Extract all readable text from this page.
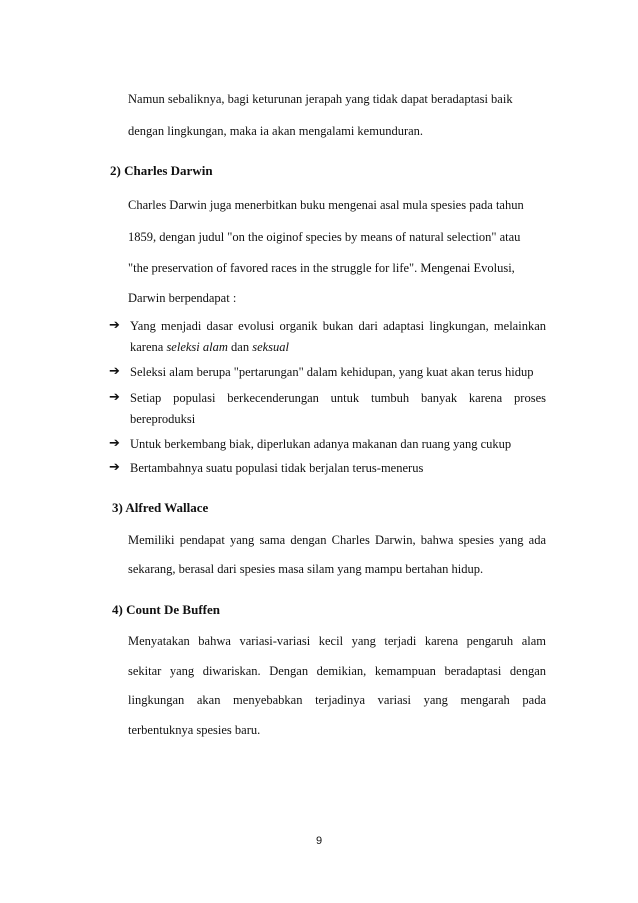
Namun sebaliknya, bagi keturunan jerapah yang tidak dapat beradaptasi baik
dengan lingkungan, maka ia akan mengalami kemunduran.
2) Charles Darwin
Charles Darwin juga menerbitkan buku mengenai asal mula spesies pada tahun
1859, dengan judul "on the oiginof species by means of natural selection" atau
"the preservation of favored races in the struggle for life". Mengenai Evolusi,
Darwin berpendapat :
➔ Yang menjadi dasar evolusi organik bukan dari adaptasi lingkungan, melainkan
karena seleksi alam dan seksual
➔ Seleksi alam berupa "pertarungan" dalam kehidupan, yang kuat akan terus hidup
➔ Setiap populasi berkecenderungan untuk tumbuh banyak karena proses
bereproduksi
➔ Untuk berkembang biak, diperlukan adanya makanan dan ruang yang cukup
➔ Bertambahnya suatu populasi tidak berjalan terus-menerus
3) Alfred Wallace
Memiliki pendapat yang sama dengan Charles Darwin, bahwa spesies yang ada
sekarang, berasal dari spesies masa silam yang mampu bertahan hidup.
4) Count De Buffen
Menyatakan bahwa variasi-variasi kecil yang terjadi karena pengaruh alam
sekitar yang diwariskan. Dengan demikian, kemampuan beradaptasi dengan
lingkungan akan menyebabkan terjadinya variasi yang mengarah pada
terbentuknya spesies baru.
9
